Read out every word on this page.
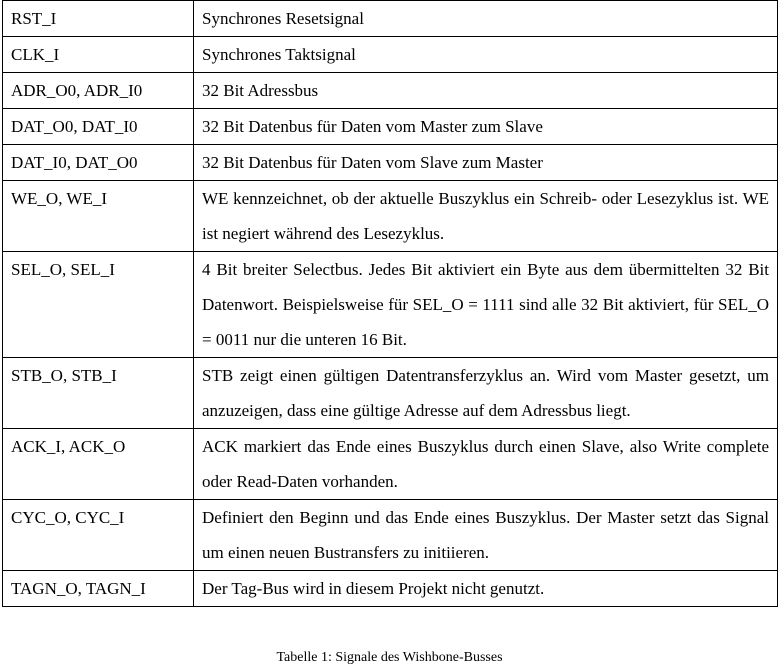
RST_I	Synchrones Resetsignal
CLK_I	Synchrones Taktsignal
ADR_O0, ADR_I0	32 Bit Adressbus
DAT_O0, DAT_I0	32 Bit Datenbus für Daten vom Master zum Slave
DAT_I0, DAT_O0	32 Bit Datenbus für Daten vom Slave zum Master
WE_O, WE_I	WE kennzeichnet, ob der aktuelle Buszyklus ein Schreib- oder Lesezyklus ist. WE ist negiert während des Lesezyklus.
SEL_O, SEL_I	4 Bit breiter Selectbus. Jedes Bit aktiviert ein Byte aus dem übermittelten 32 Bit Datenwort. Beispielsweise für SEL_O = 1111 sind alle 32 Bit aktiviert, für SEL_O = 0011 nur die unteren 16 Bit.
STB_O, STB_I	STB zeigt einen gültigen Datentransferzyklus an. Wird vom Master gesetzt, um anzuzeigen, dass eine gültige Adresse auf dem Adressbus liegt.
ACK_I, ACK_O	ACK markiert das Ende eines Buszyklus durch einen Slave, also Write complete oder Read-Daten vorhanden.
CYC_O, CYC_I	Definiert den Beginn und das Ende eines Buszyklus. Der Master setzt das Signal um einen neuen Bustransfers zu initiieren.
TAGN_O, TAGN_I	Der Tag-Bus wird in diesem Projekt nicht genutzt.
Tabelle 1: Signale des Wishbone-Busses
